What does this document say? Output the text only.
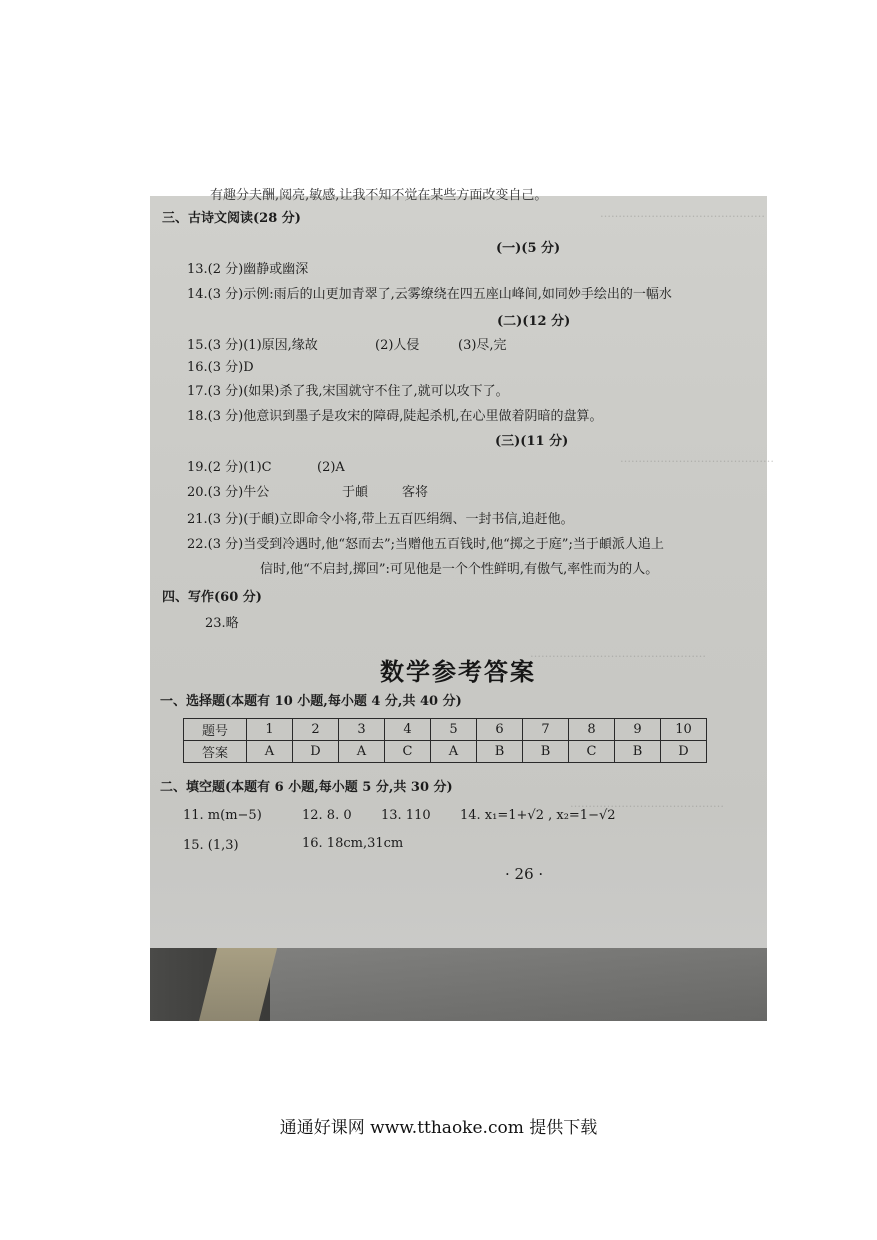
………………………………………
……………………………………
…………………………………………
……………………………………
有趣分夫酬,阅亮,敏感,让我不知不觉在某些方面改变自己。
三、古诗文阅读(28 分)
(一)(5 分)
13.(2 分)幽静或幽深
14.(3 分)示例:雨后的山更加青翠了,云雾缭绕在四五座山峰间,如同妙手绘出的一幅水
(二)(12 分)
15.(3 分)(1)原因,缘故	(2)人侵	(3)尽,完
16.(3 分)D
17.(3 分)(如果)杀了我,宋国就守不住了,就可以攻下了。
18.(3 分)他意识到墨子是攻宋的障碍,陡起杀机,在心里做着阴暗的盘算。
(三)(11 分)
19.(2 分)(1)C	(2)A
20.(3 分)牛公	于頔	客将
21.(3 分)(于頔)立即命令小将,带上五百匹绢绸、一封书信,追赶他。
22.(3 分)当受到冷遇时,他“怒而去”;当赠他五百钱时,他“掷之于庭”;当于頔派人追上
信时,他“不启封,掷回”:可见他是一个个性鲜明,有傲气,率性而为的人。
四、写作(60 分)
23.略
数学参考答案
一、选择题(本题有 10 小题,每小题 4 分,共 40 分)
题号	1	2	3	4	5	6	7	8	9	10
答案	A	D	A	C	A	B	B	C	B	D
二、填空题(本题有 6 小题,每小题 5 分,共 30 分)
11. m(m−5)	12. 8. 0 13. 110 14. x₁=1+√2 , x₂=1−√2
15. (1,3)	16. 18cm,31cm
· 26 ·
通通好课网 www.tthaoke.com 提供下载
